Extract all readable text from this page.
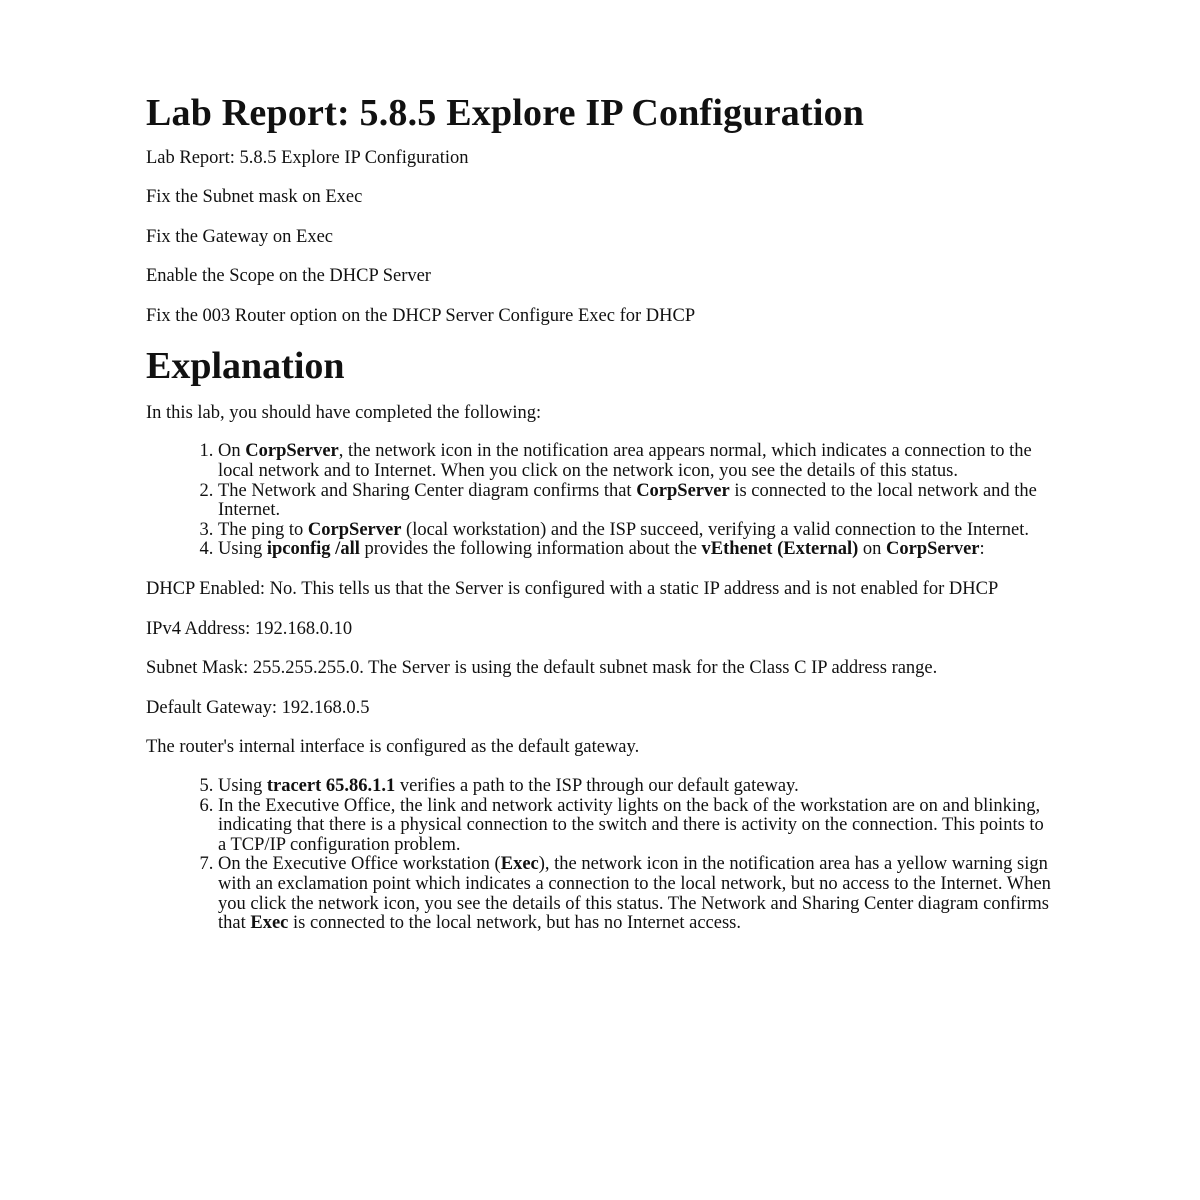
Lab Report: 5.8.5 Explore IP Configuration

Lab Report: 5.8.5 Explore IP Configuration

Fix the Subnet mask on Exec

Fix the Gateway on Exec

Enable the Scope on the DHCP Server

Fix the 003 Router option on the DHCP Server Configure Exec for DHCP

Explanation

In this lab, you should have completed the following:

1. On CorpServer, the network icon in the notification area appears normal, which indicates a connection to the local network and to Internet. When you click on the network icon, you see the details of this status.
2. The Network and Sharing Center diagram confirms that CorpServer is connected to the local network and the Internet.
3. The ping to CorpServer (local workstation) and the ISP succeed, verifying a valid connection to the Internet.
4. Using ipconfig /all provides the following information about the vEthenet (External) on CorpServer:

DHCP Enabled: No. This tells us that the Server is configured with a static IP address and is not enabled for DHCP

IPv4 Address: 192.168.0.10

Subnet Mask: 255.255.255.0. The Server is using the default subnet mask for the Class C IP address range.

Default Gateway: 192.168.0.5

The router's internal interface is configured as the default gateway.

5. Using tracert 65.86.1.1 verifies a path to the ISP through our default gateway.
6. In the Executive Office, the link and network activity lights on the back of the workstation are on and blinking, indicating that there is a physical connection to the switch and there is activity on the connection. This points to a TCP/IP configuration problem.
7. On the Executive Office workstation (Exec), the network icon in the notification area has a yellow warning sign with an exclamation point which indicates a connection to the local network, but no access to the Internet. When you click the network icon, you see the details of this status. The Network and Sharing Center diagram confirms that Exec is connected to the local network, but has no Internet access.
